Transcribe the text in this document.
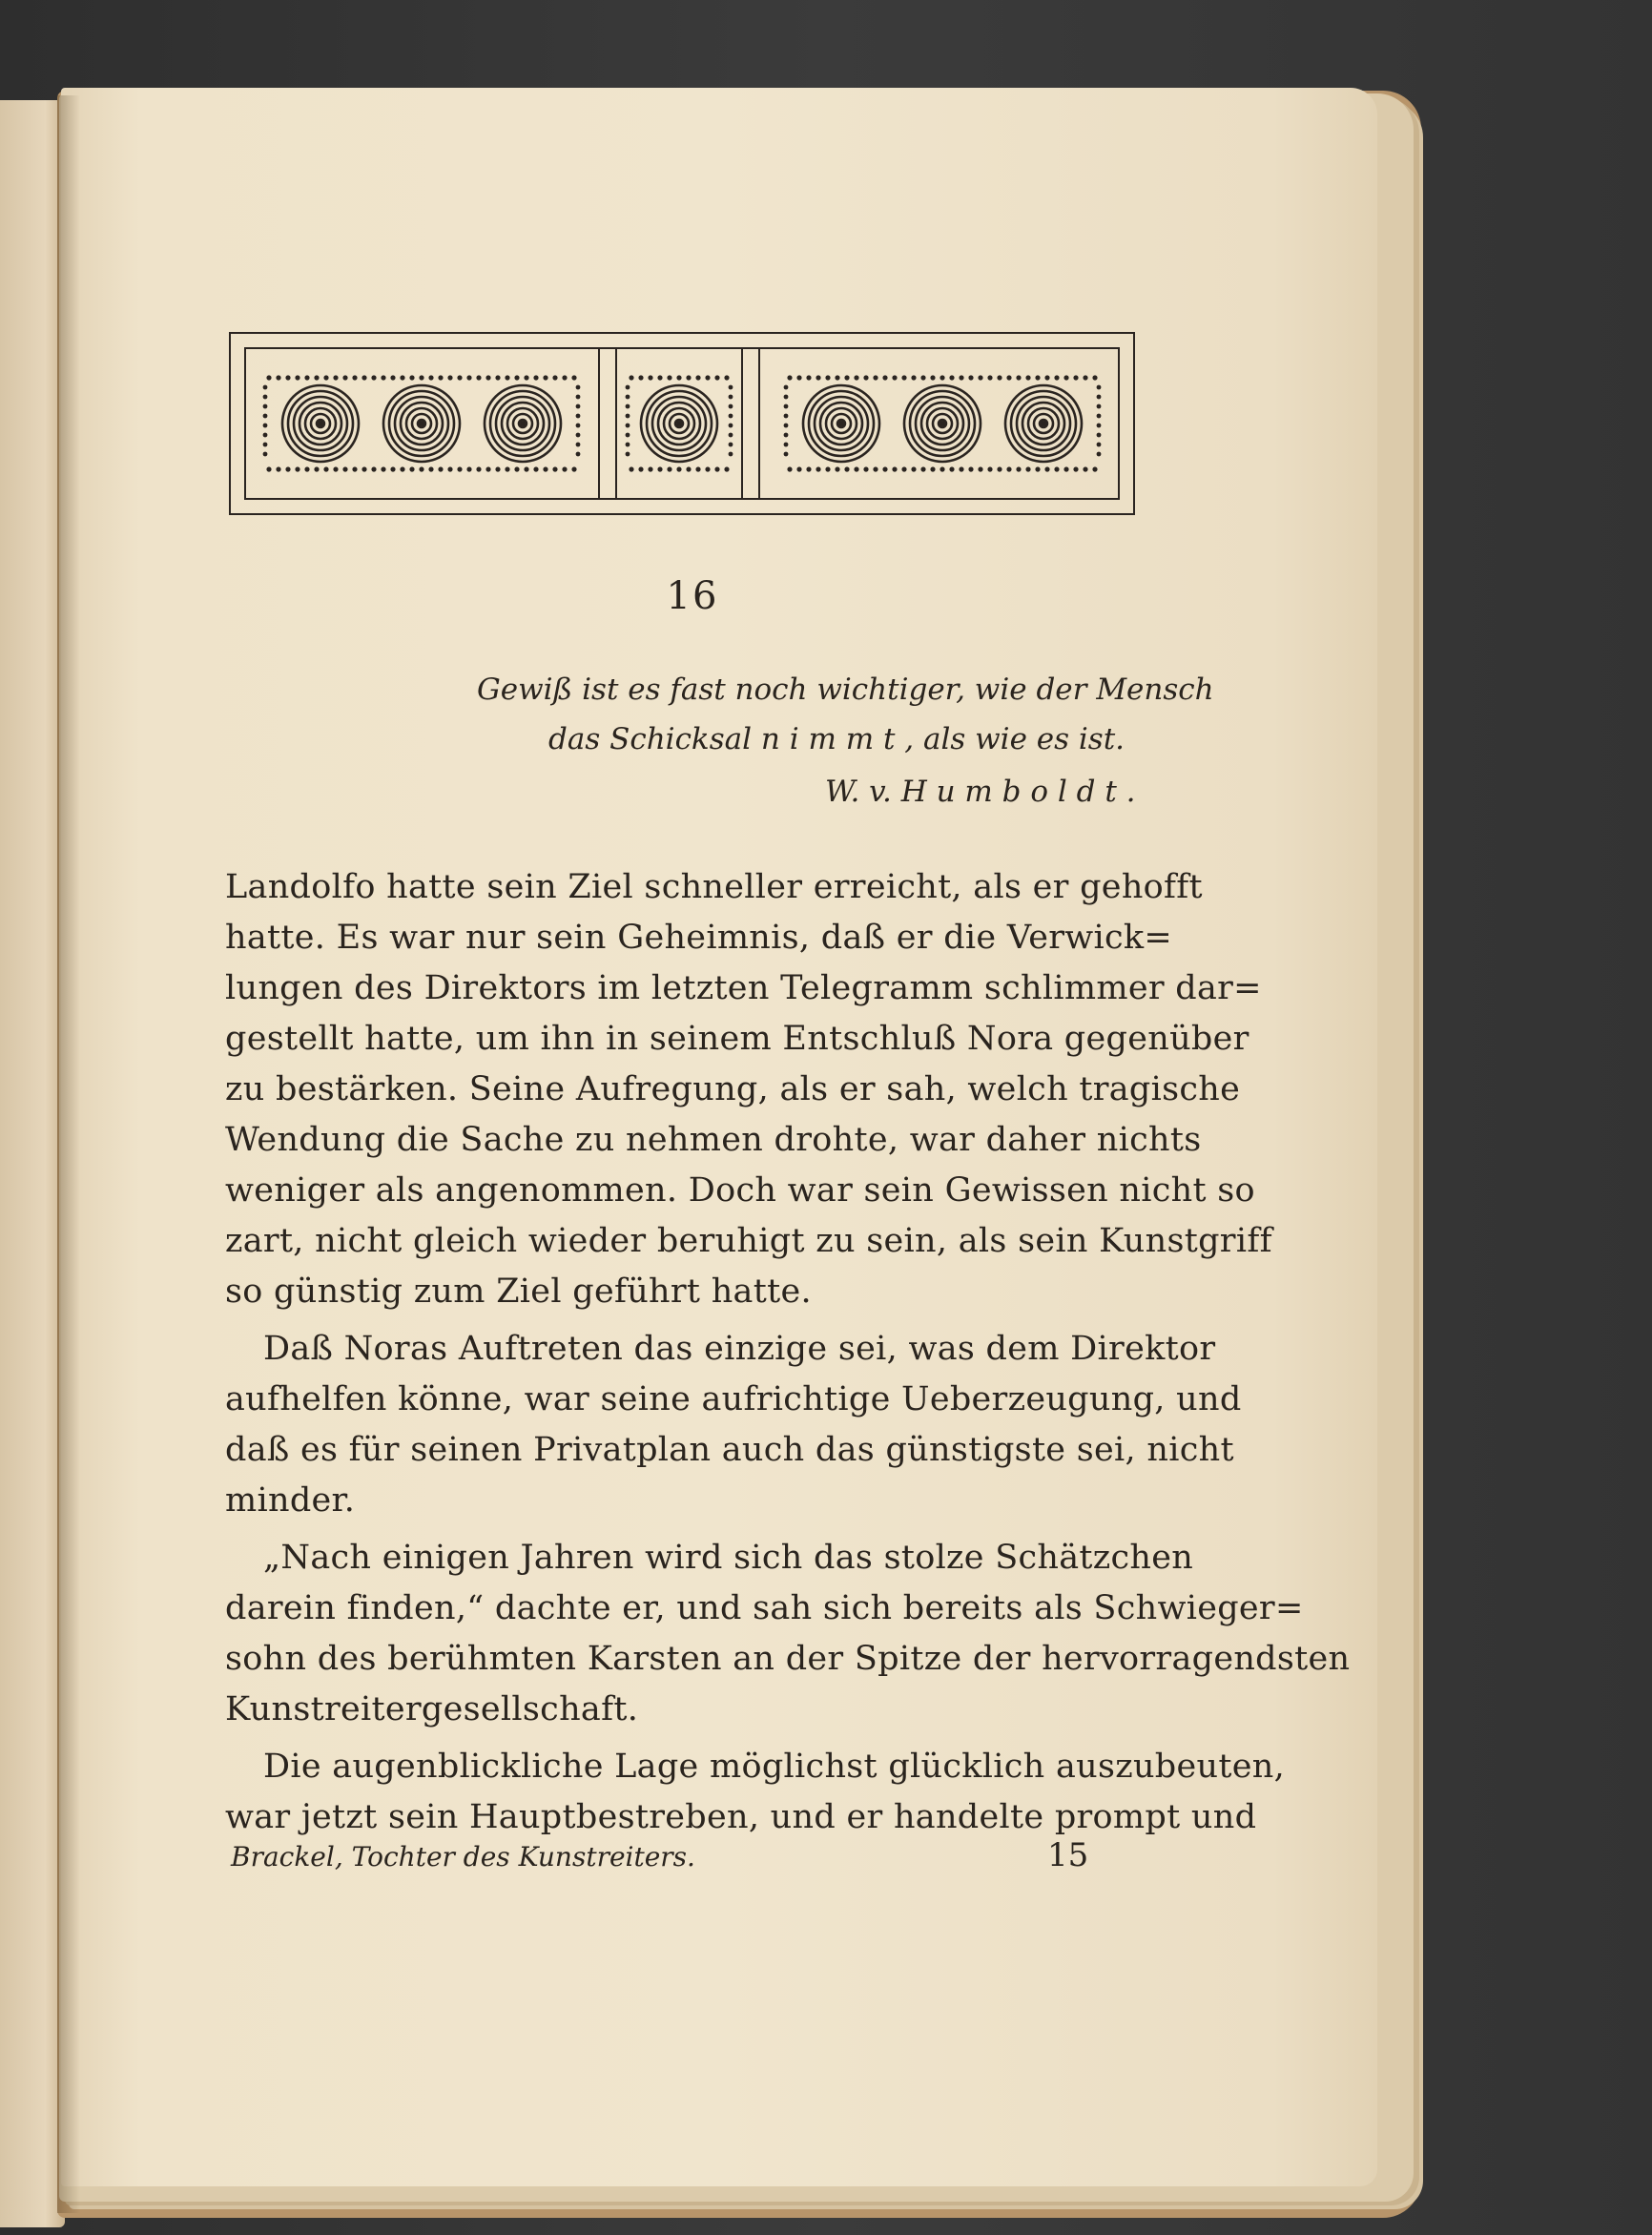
16
Gewiß ist es fast noch wichtiger, wie der Mensch
das Schicksal n i m m t , als wie es ist.
W. v. H u m b o l d t .
Landolfo hatte sein Ziel schneller erreicht, als er gehofft
hatte. Es war nur sein Geheimnis, daß er die Verwick=
lungen des Direktors im letzten Telegramm schlimmer dar=
gestellt hatte, um ihn in seinem Entschluß Nora gegenüber
zu bestärken. Seine Aufregung, als er sah, welch tragische
Wendung die Sache zu nehmen drohte, war daher nichts
weniger als angenommen. Doch war sein Gewissen nicht so
zart, nicht gleich wieder beruhigt zu sein, als sein Kunstgriff
so günstig zum Ziel geführt hatte.
Daß Noras Auftreten das einzige sei, was dem Direktor
aufhelfen könne, war seine aufrichtige Ueberzeugung, und
daß es für seinen Privatplan auch das günstigste sei, nicht
minder.
„Nach einigen Jahren wird sich das stolze Schätzchen
darein finden,“ dachte er, und sah sich bereits als Schwieger=
sohn des berühmten Karsten an der Spitze der hervorragendsten
Kunstreitergesellschaft.
Die augenblickliche Lage möglichst glücklich auszubeuten,
war jetzt sein Hauptbestreben, und er handelte prompt und
Brackel, Tochter des Kunstreiters.	15
